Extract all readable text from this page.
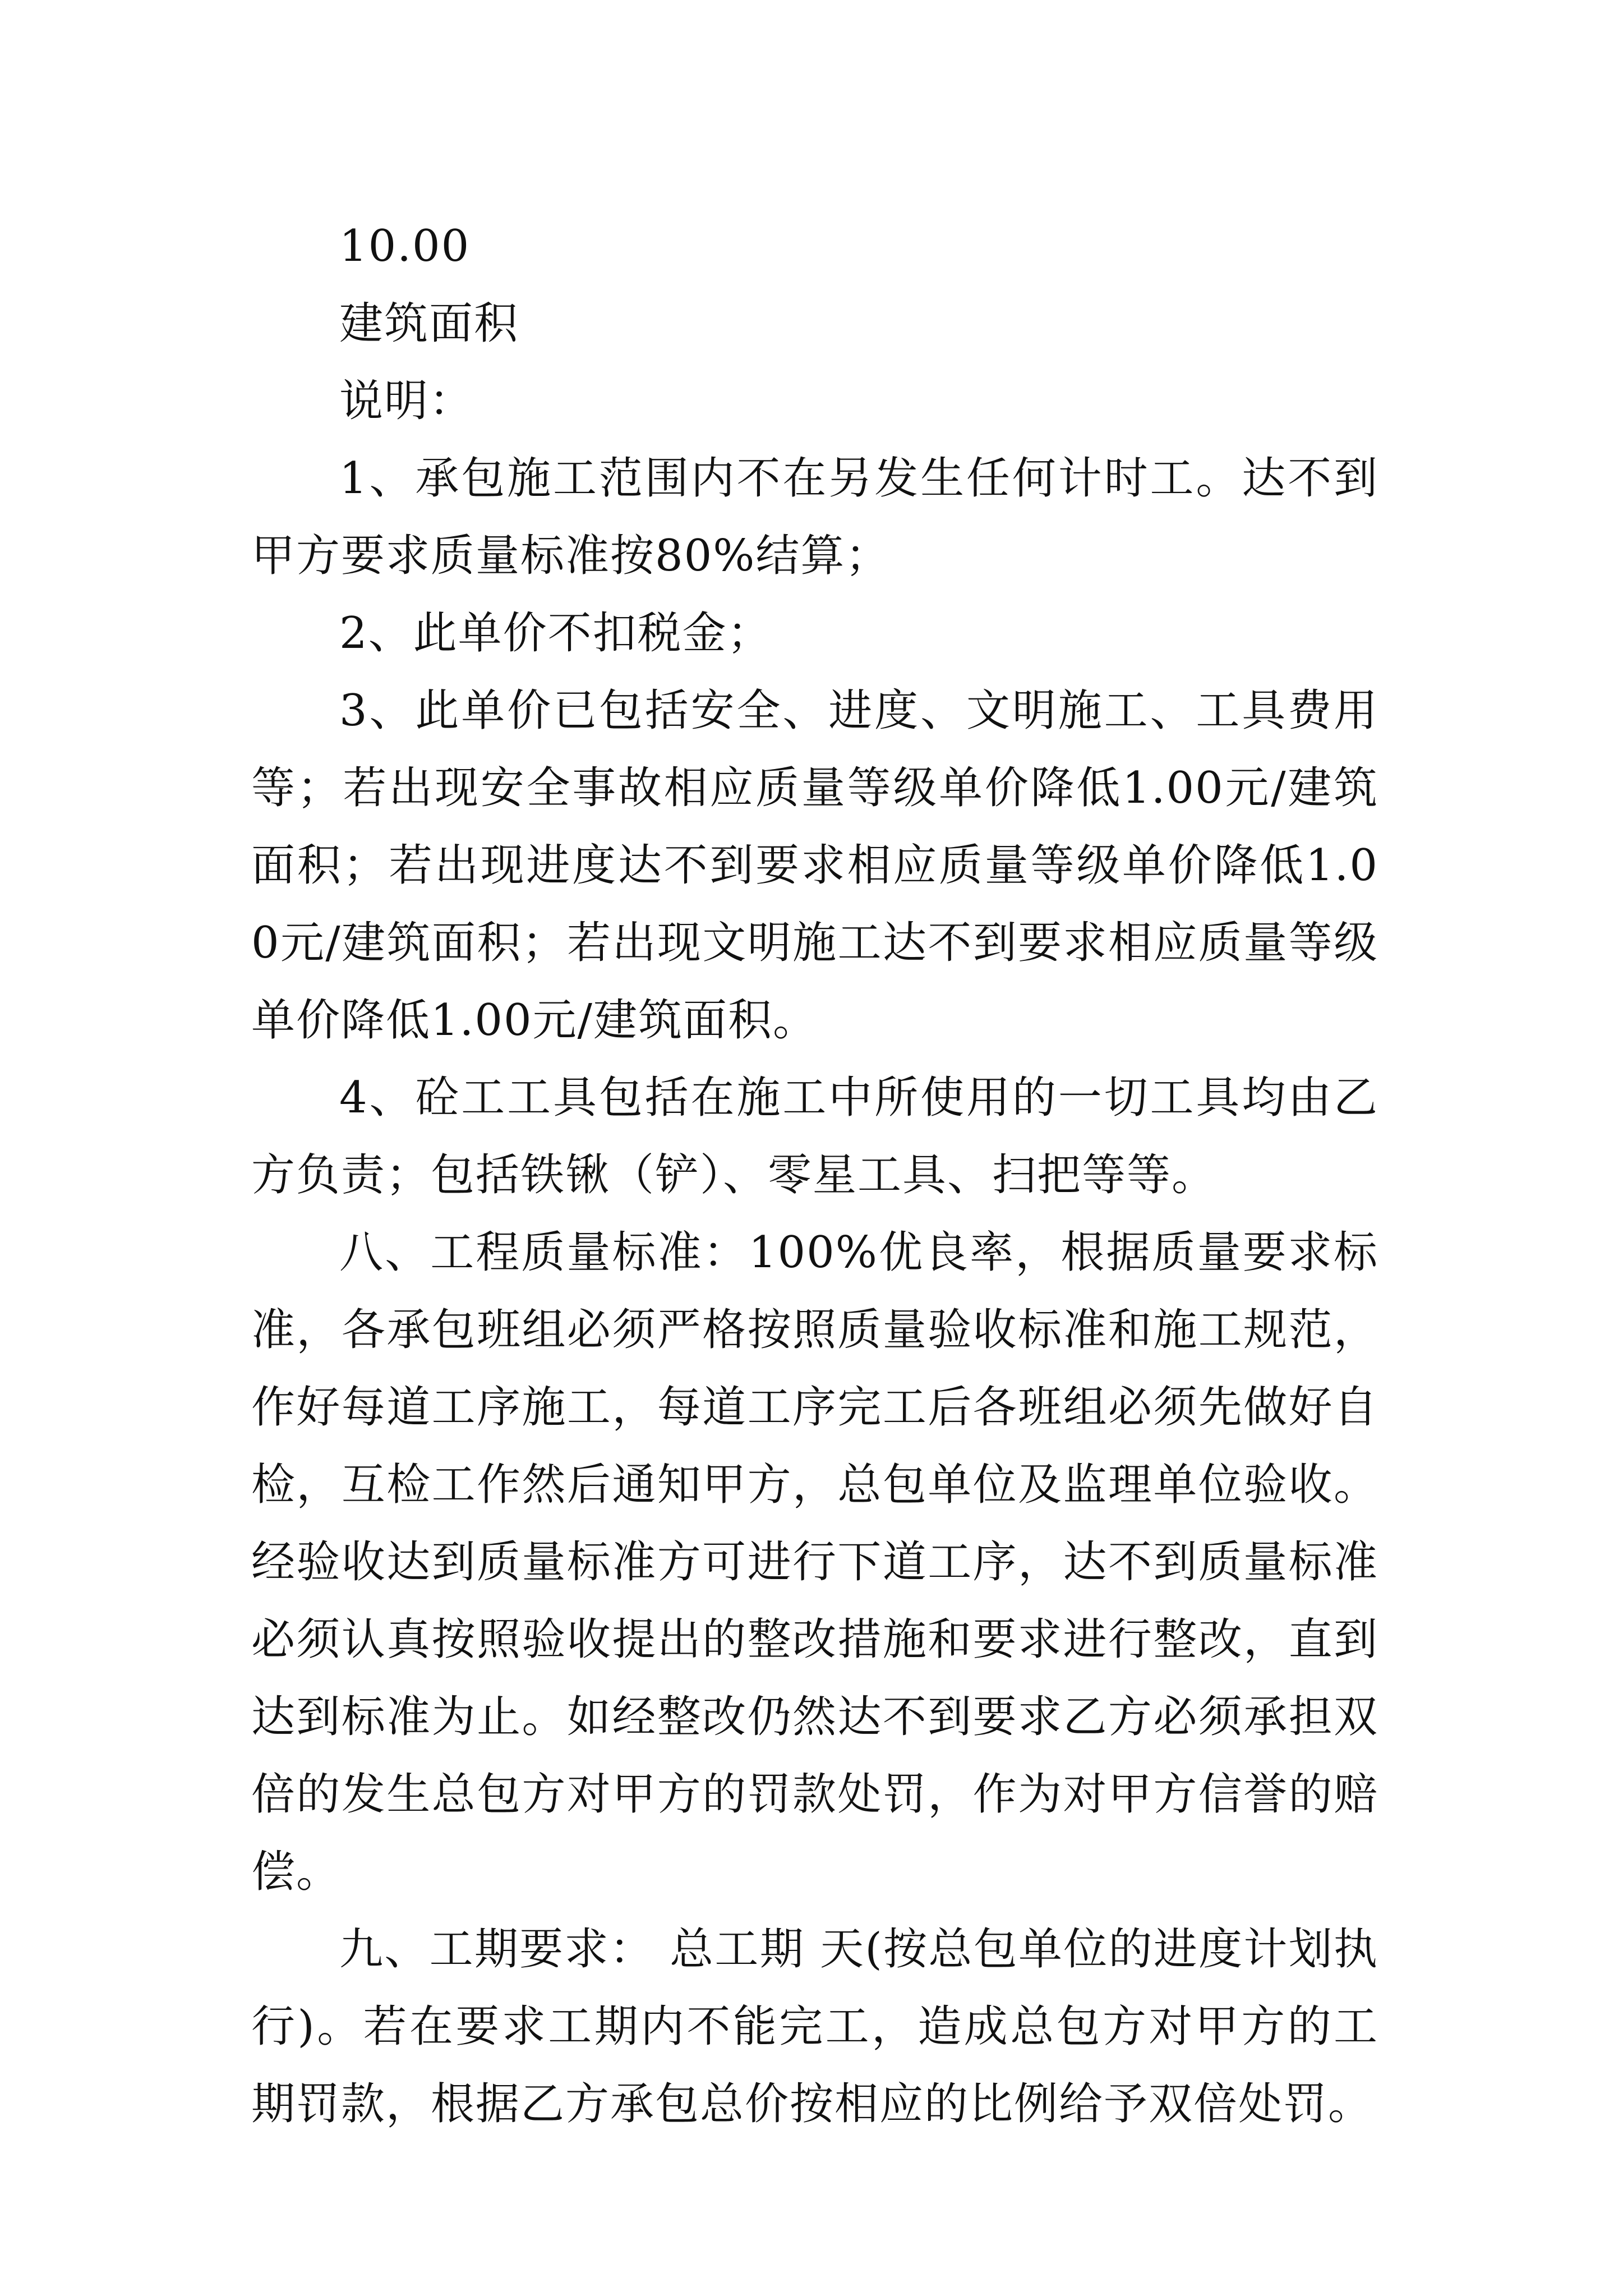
10.00

建筑面积

说明：

1、承包施工范围内不在另发生任何计时工。达不到甲方要求质量标准按80%结算；

2、此单价不扣税金；

3、此单价已包括安全、进度、文明施工、工具费用等；若出现安全事故相应质量等级单价降低1.00元/建筑面积；若出现进度达不到要求相应质量等级单价降低1.00元/建筑面积；若出现文明施工达不到要求相应质量等级单价降低1.00元/建筑面积。

4、砼工工具包括在施工中所使用的一切工具均由乙方负责；包括铁锹（铲）、零星工具、扫把等等。

八、工程质量标准：100%优良率，根据质量要求标准，各承包班组必须严格按照质量验收标准和施工规范，作好每道工序施工，每道工序完工后各班组必须先做好自检，互检工作然后通知甲方，总包单位及监理单位验收。经验收达到质量标准方可进行下道工序，达不到质量标准必须认真按照验收提出的整改措施和要求进行整改，直到达到标准为止。如经整改仍然达不到要求乙方必须承担双倍的发生总包方对甲方的罚款处罚，作为对甲方信誉的赔偿。

九、工期要求： 总工期 天(按总包单位的进度计划执行)。若在要求工期内不能完工，造成总包方对甲方的工期罚款，根据乙方承包总价按相应的比例给予双倍处罚。
